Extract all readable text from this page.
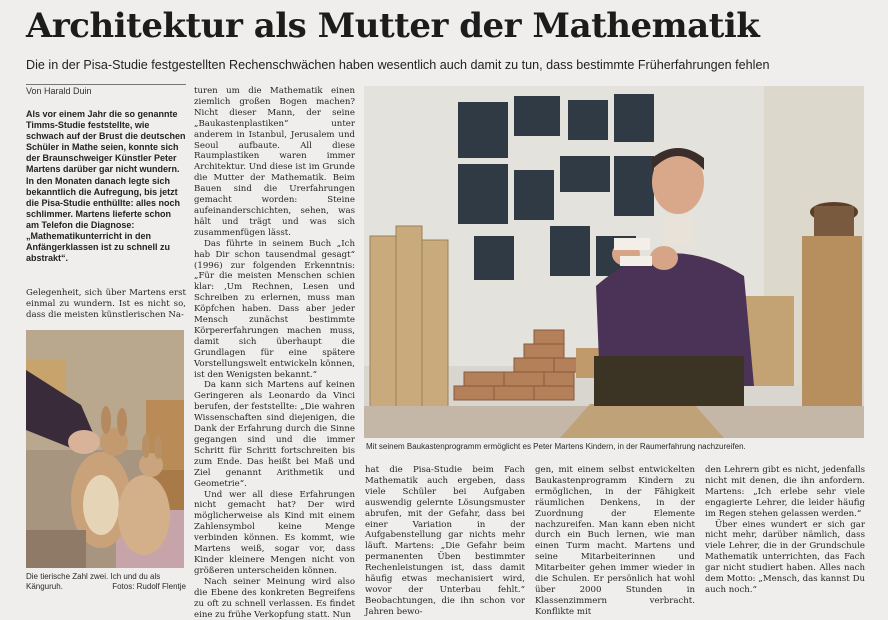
Architektur als Mutter der Mathematik
Die in der Pisa-Studie festgestellten Rechenschwächen haben wesentlich auch damit zu tun, dass bestimmte Früherfahrungen fehlen
Von Harald Duin
Als vor einem Jahr die so genannte Timms-Studie feststellte, wie schwach auf der Brust die deutschen Schüler in Mathe seien, konnte sich der Braunschweiger Künstler Peter Martens darüber gar nicht wundern. In den Monaten danach legte sich bekanntlich die Aufregung, bis jetzt die Pisa-Studie enthüllte: alles noch schlimmer. Martens lieferte schon am Telefon die Diagnose: „Mathematikunterricht in den Anfängerklassen ist zu schnell zu abstrakt“.

Gelegenheit, sich über Martens erst einmal zu wundern. Ist es nicht so, dass die meisten künstlerischen Na-

Die tierische Zahl zwei. Ich und du als
Känguruh.	Fotos: Rudolf Flentje

turen um die Mathematik einen ziemlich großen Bogen machen? Nicht dieser Mann, der seine „Baukastenplastiken“ unter anderem in Istanbul, Jerusalem und Seoul aufbaute. All diese Raumplastiken waren immer Architektur. Und diese ist im Grunde die Mutter der Mathematik. Beim Bauen sind die Urerfahrungen gemacht worden: Steine aufeinanderschichten, sehen, was hält und trägt und was sich zusammenfügen lässt.

Das führte in seinem Buch „Ich hab Dir schon tausendmal gesagt“ (1996) zur folgenden Erkenntnis: „Für die meisten Menschen schien klar: ‚Um Rechnen, Lesen und Schreiben zu erlernen, muss man Köpfchen haben. Dass aber jeder Mensch zunächst bestimmte Körpererfahrungen machen muss, damit sich überhaupt die Grundlagen für eine spätere Vorstellungswelt entwickeln können, ist den Wenigsten bekannt.“

Da kann sich Martens auf keinen Geringeren als Leonardo da Vinci berufen, der feststellte: „Die wahren Wissenschaften sind diejenigen, die Dank der Erfahrung durch die Sinne gegangen sind und die immer Schritt für Schritt fortschreiten bis zum Ende. Das heißt bei Maß und Ziel genannt Arithmetik und Geometrie“.

Und wer all diese Erfahrungen nicht gemacht hat? Der wird möglicherweise als Kind mit einem Zahlensymbol keine Menge verbinden können. Es kommt, wie Martens weiß, sogar vor, dass Kinder kleinere Mengen nicht von größeren unterscheiden können.

Nach seiner Meinung wird also die Ebene des konkreten Begreifens zu oft zu schnell verlassen. Es findet eine zu frühe Verkopfung statt. Nun

Mit seinem Baukastenprogramm ermöglicht es Peter Martens Kindern, in der Raumerfahrung nachzureifen.

hat die Pisa-Studie beim Fach Mathematik auch ergeben, dass viele Schüler bei Aufgaben auswendig gelernte Lösungsmuster abrufen, mit der Gefahr, dass bei einer Variation in der Aufgabenstellung gar nichts mehr läuft. Martens: „Die Gefahr beim permanenten Üben bestimmter Rechenleistungen ist, dass damit häufig etwas mechanisiert wird, wovor der Unterbau fehlt.“ Beobachtungen, die ihn schon vor Jahren bewo-

gen, mit einem selbst entwickelten Baukastenprogramm Kindern zu ermöglichen, in der Fähigkeit räumlichen Denkens, in der Zuordnung der Elemente nachzureifen. Man kann eben nicht durch ein Buch lernen, wie man einen Turm macht. Martens und seine Mitarbeiterinnen und Mitarbeiter gehen immer wieder in die Schulen. Er persönlich hat wohl über 2000 Stunden in Klassenzimmern verbracht. Konflikte mit

den Lehrern gibt es nicht, jedenfalls nicht mit denen, die ihn anfordern. Martens: „Ich erlebe sehr viele engagierte Lehrer, die leider häufig im Regen stehen gelassen werden.“

Über eines wundert er sich gar nicht mehr, darüber nämlich, dass viele Lehrer, die in der Grundschule Mathematik unterrichten, das Fach gar nicht studiert haben. Alles nach dem Motto: „Mensch, das kannst Du auch noch.“
